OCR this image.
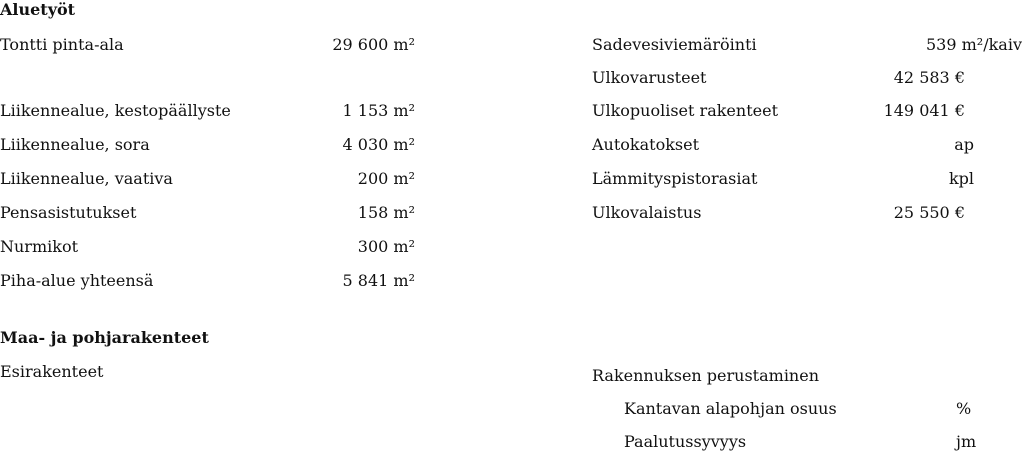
Aluetyöt
Tontti pinta-ala	29 600 m²
Liikennealue, kestopäällyste	1 153 m²
Liikennealue, sora	4 030 m²
Liikennealue, vaativa	200 m²
Pensasistutukset	158 m²
Nurmikot	300 m²
Piha-alue yhteensä	5 841 m²
Sadevesiviemäröinti	539 m²/kaiv
Ulkovarusteet	42 583 €
Ulkopuoliset rakenteet	149 041 €
Autokatokset	ap
Lämmityspistorasiat	kpl
Ulkovalaistus	25 550 €
Maa- ja pohjarakenteet
Esirakenteet	Rakennuksen perustaminen
Kantavan alapohjan osuus	%
Paalutussyvyys	jm
